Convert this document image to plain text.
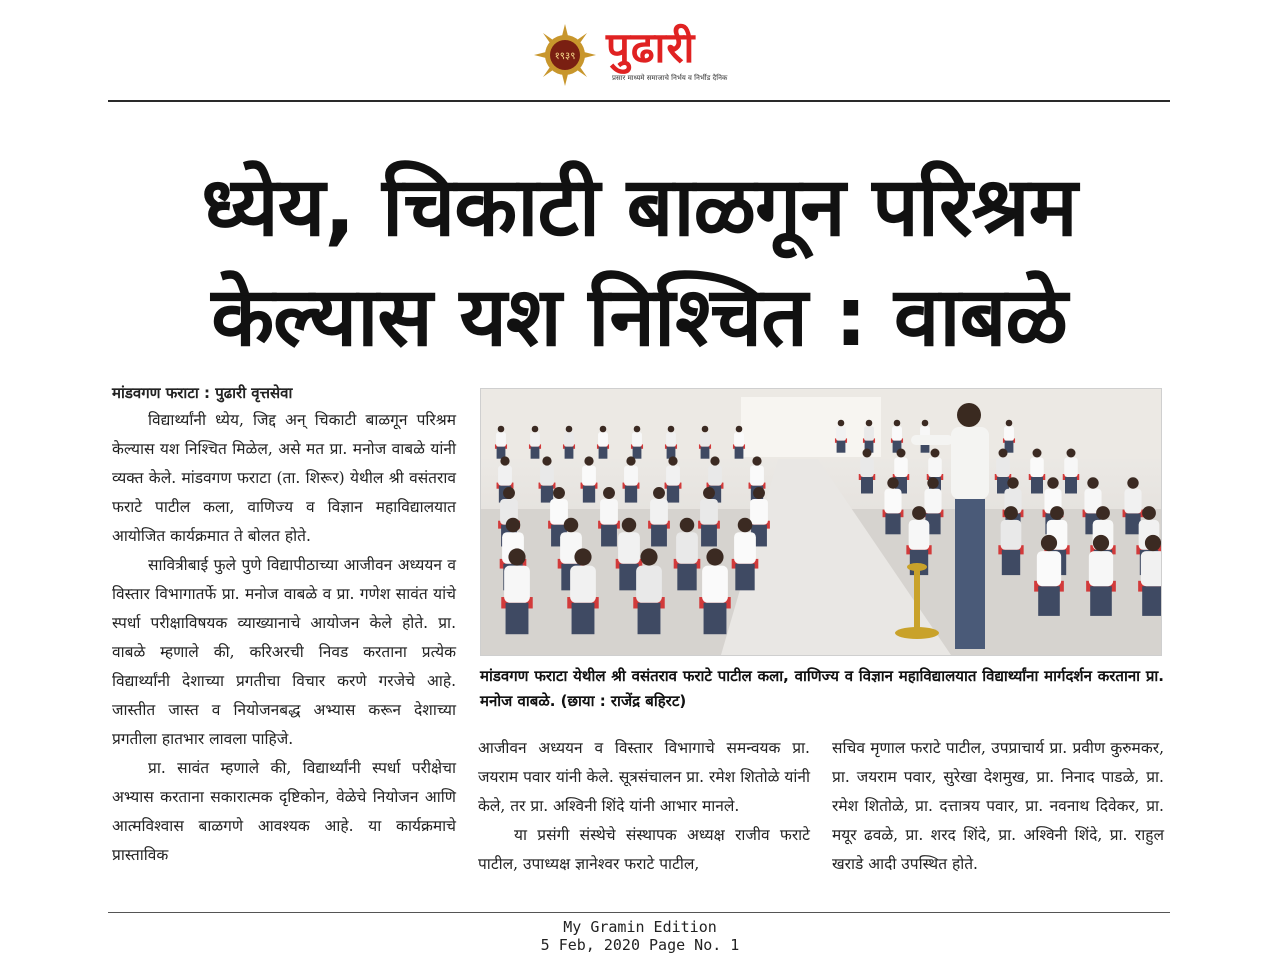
१९३९ पुढारी
प्रसार माध्यमे समाजाचे निर्भय व निर्भीड दैनिक
ध्येय, चिकाटी बाळगून परिश्रम
केल्यास यश निश्चित : वाबळे

मांडवगण फराटा : पुढारी वृत्तसेवा

विद्यार्थ्यांनी ध्येय, जिद्द अन् चिकाटी बाळगून परिश्रम केल्यास यश निश्चित मिळेल, असे मत प्रा. मनोज वाबळे यांनी व्यक्त केले. मांडवगण फराटा (ता. शिरूर) येथील श्री वसंतराव फराटे पाटील कला, वाणिज्य व विज्ञान महाविद्यालयात आयोजित कार्यक्रमात ते बोलत होते.

सावित्रीबाई फुले पुणे विद्यापीठाच्या आजीवन अध्ययन व विस्तार विभागातर्फे प्रा. मनोज वाबळे व प्रा. गणेश सावंत यांचे स्पर्धा परीक्षाविषयक व्याख्यानाचे आयोजन केले होते. प्रा. वाबळे म्हणाले की, करिअरची निवड करताना प्रत्येक विद्यार्थ्यांनी देशाच्या प्रगतीचा विचार करणे गरजेचे आहे. जास्तीत जास्त व नियोजनबद्ध अभ्यास करून देशाच्या प्रगतीला हातभार लावला पाहिजे.

प्रा. सावंत म्हणाले की, विद्यार्थ्यांनी स्पर्धा परीक्षेचा अभ्यास करताना सकारात्मक दृष्टिकोन, वेळेचे नियोजन आणि आत्मविश्वास बाळगणे आवश्यक आहे. या कार्यक्रमाचे प्रास्ताविक

मांडवगण फराटा येथील श्री वसंतराव फराटे पाटील कला, वाणिज्य व विज्ञान महाविद्यालयात विद्यार्थ्यांना मार्गदर्शन करताना प्रा. मनोज वाबळे. (छाया : राजेंद्र बहिरट)

आजीवन अध्ययन व विस्तार विभागाचे समन्वयक प्रा. जयराम पवार यांनी केले. सूत्रसंचालन प्रा. रमेश शितोळे यांनी केले, तर प्रा. अश्विनी शिंदे यांनी आभार मानले.

या प्रसंगी संस्थेचे संस्थापक अध्यक्ष राजीव फराटे पाटील, उपाध्यक्ष ज्ञानेश्वर फराटे पाटील,

सचिव मृणाल फराटे पाटील, उपप्राचार्य प्रा. प्रवीण कुरुमकर, प्रा. जयराम पवार, सुरेखा देशमुख, प्रा. निनाद पाडळे, प्रा. रमेश शितोळे, प्रा. दत्तात्रय पवार, प्रा. नवनाथ दिवेकर, प्रा. मयूर ढवळे, प्रा. शरद शिंदे, प्रा. अश्विनी शिंदे, प्रा. राहुल खराडे आदी उपस्थित होते.

My Gramin Edition
5 Feb, 2020 Page No. 1
